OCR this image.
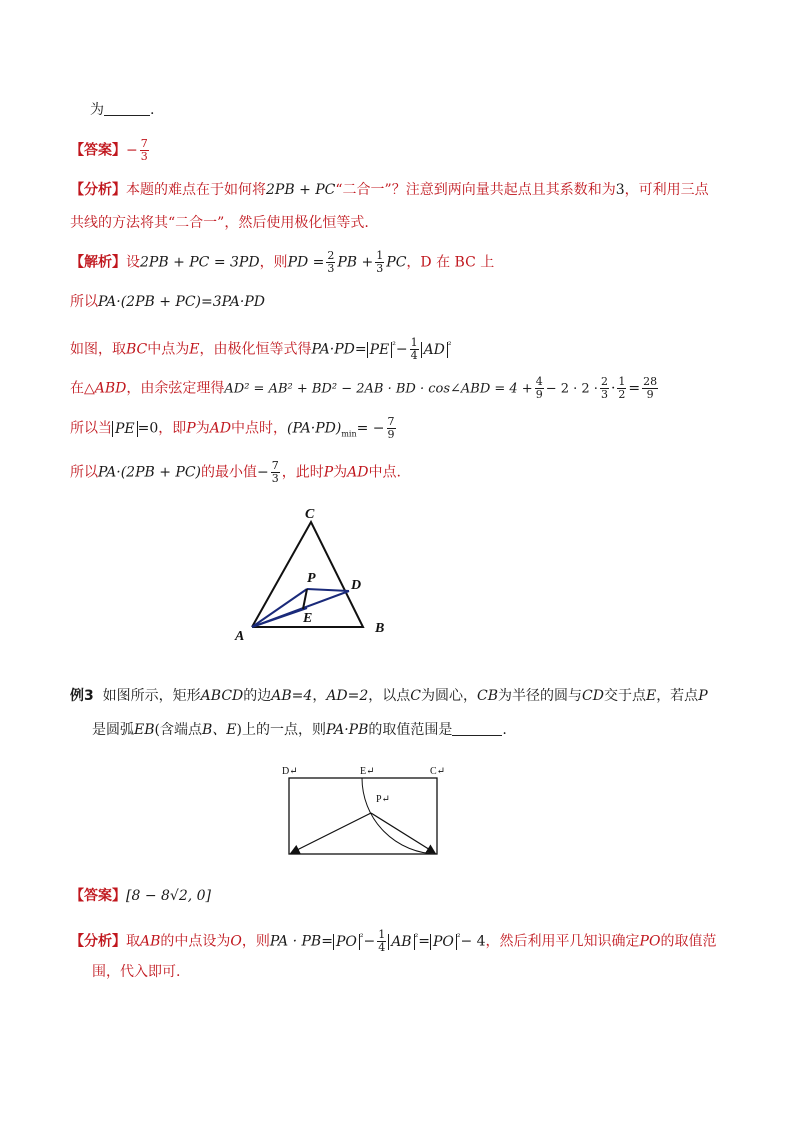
为	.
【答案】− $\frac{7}{3}$
【分析】本题的难点在于如何将2PB + PC“二合一”？注意到两向量共起点且其系数和为3，可利用三点
共线的方法将其“二合一”，然后使用极化恒等式.
【解析】设2PB + PC = 3PD，则PD = $\frac{2}{3}$ PB + $\frac{1}{3}$ PC，D 在 BC 上
所以PA·(2PB + PC)=3PA·PD
如图，取BC中点为E，由极化恒等式得PA·PD= PE $^{^2}- \frac{1}{4}$ AD $^{^2}$
在△ABD，由余弦定理得AD² = AB² + BD² − 2AB · BD · cos∠ABD = $4 + \frac{4}{9} - 2 \cdot 2 \cdot \frac{2}{3} \cdot \frac{1}{2} = \frac{28}{9}$
所以当 PE =0，即P为AD中点时，$(PA\cdot PD)_{min}= - \frac{7}{9}$
所以PA·(2PB + PC)的最小值− $\frac{7}{3}$ ，此时P为AD中点.
C
P	D
E
A
B
例3 如图所示，矩形ABCD的边AB=4，AD=2，以点C为圆心，CB为半径的圆与CD交于点E，若点P
是圆弧EB(含端点B、E)上的一点，则PA·PB的取值范围是	.
D↵	E↵	C↵
P↵
【答案】[8 − 8√2, 0]
【分析】取AB的中点设为O，则PA · PB= PO $^{^2}- \frac{1}{4}$ AB $^{^2}$= PO $^{^2}$− 4，然后利用平几知识确定PO的取值范
围，代入即可.
